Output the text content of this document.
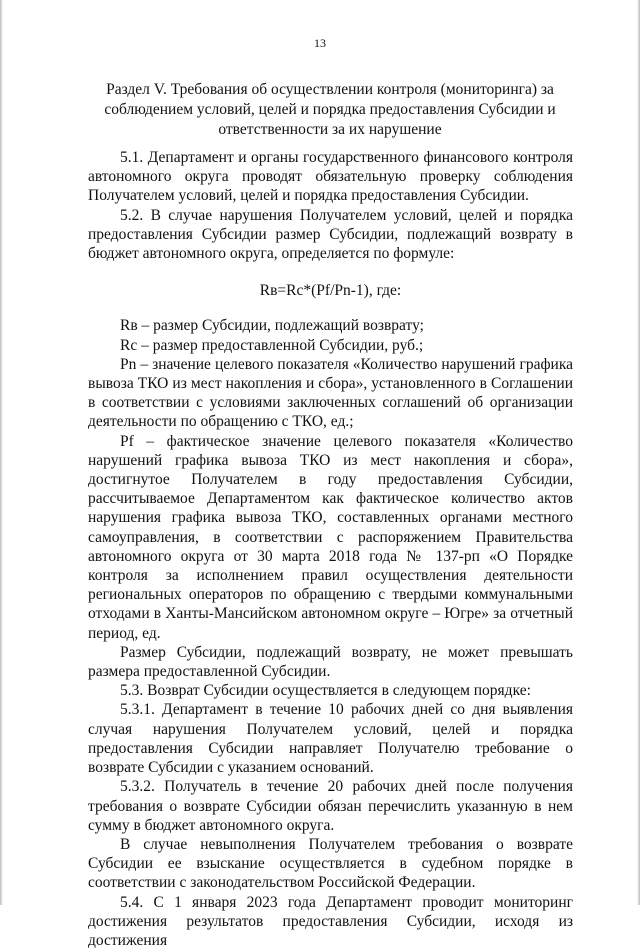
13
Раздел V. Требования об осуществлении контроля (мониторинга) за
соблюдением условий, целей и порядка предоставления Субсидии и
ответственности за их нарушение

5.1. Департамент и органы государственного финансового контроля автономного округа проводят обязательную проверку соблюдения Получателем условий, целей и порядка предоставления Субсидии.

5.2. В случае нарушения Получателем условий, целей и порядка предоставления Субсидии размер Субсидии, подлежащий возврату в бюджет автономного округа, определяется по формуле:

Rв=Rc*(Pf/Pn-1), где:

Rв – размер Субсидии, подлежащий возврату;

Rc – размер предоставленной Субсидии, руб.;

Pn – значение целевого показателя «Количество нарушений графика вывоза ТКО из мест накопления и сбора», установленного в Соглашении в соответствии с условиями заключенных соглашений об организации деятельности по обращению с ТКО, ед.;

Pf – фактическое значение целевого показателя «Количество нарушений графика вывоза ТКО из мест накопления и сбора», достигнутое Получателем в году предоставления Субсидии, рассчитываемое Департаментом как фактическое количество актов нарушения графика вывоза ТКО, составленных органами местного самоуправления, в соответствии с распоряжением Правительства автономного округа от 30 марта 2018 года № 137-рп «О Порядке контроля за исполнением правил осуществления деятельности региональных операторов по обращению с твердыми коммунальными отходами в Ханты-Мансийском автономном округе – Югре» за отчетный период, ед.

Размер Субсидии, подлежащий возврату, не может превышать размера предоставленной Субсидии.

5.3. Возврат Субсидии осуществляется в следующем порядке:

5.3.1. Департамент в течение 10 рабочих дней со дня выявления случая нарушения Получателем условий, целей и порядка предоставления Субсидии направляет Получателю требование о возврате Субсидии с указанием оснований.

5.3.2. Получатель в течение 20 рабочих дней после получения требования о возврате Субсидии обязан перечислить указанную в нем сумму в бюджет автономного округа.

В случае невыполнения Получателем требования о возврате Субсидии ее взыскание осуществляется в судебном порядке в соответствии с законодательством Российской Федерации.

5.4. С 1 января 2023 года Департамент проводит мониторинг достижения результатов предоставления Субсидии, исходя из достижения
